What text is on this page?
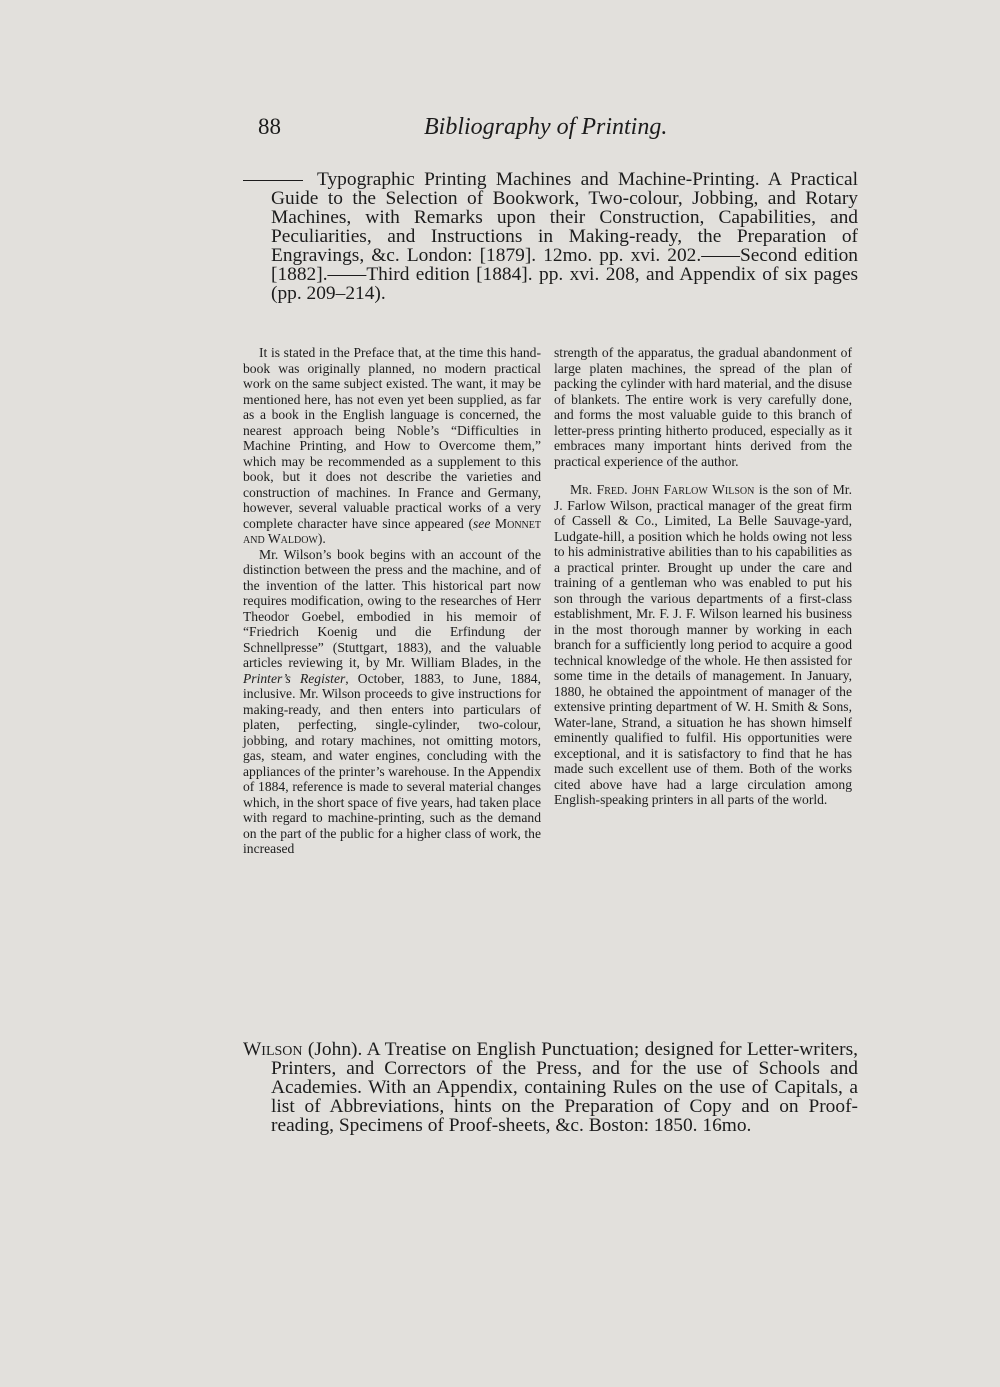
88	Bibliography of Printing.
Typographic Printing Machines and Machine-Printing. A Practical Guide to the Selection of Bookwork, Two-colour, Jobbing, and Rotary Machines, with Remarks upon their Construction, Capabilities, and Peculiarities, and Instructions in Making-ready, the Preparation of Engravings, &c. London: [1879]. 12mo. pp. xvi. 202.——Second edition [1882].——Third edition [1884]. pp. xvi. 208, and Appendix of six pages (pp. 209–214).

It is stated in the Preface that, at the time this hand-book was originally planned, no modern practical work on the same subject existed. The want, it may be mentioned here, has not even yet been supplied, as far as a book in the English language is concerned, the nearest approach being Noble’s “Difficulties in Machine Printing, and How to Overcome them,” which may be recommended as a supplement to this book, but it does not describe the varieties and construction of machines. In France and Germany, however, several valuable practical works of a very complete character have since appeared (see Monnet and Waldow).

Mr. Wilson’s book begins with an account of the distinction between the press and the machine, and of the invention of the latter. This historical part now requires modification, owing to the researches of Herr Theodor Goebel, embodied in his memoir of “Friedrich Koenig und die Erfindung der Schnellpresse” (Stuttgart, 1883), and the valuable articles reviewing it, by Mr. William Blades, in the Printer’s Register, October, 1883, to June, 1884, inclusive. Mr. Wilson proceeds to give instructions for making-ready, and then enters into particulars of platen, perfecting, single-cylinder, two-colour, jobbing, and rotary machines, not omitting motors, gas, steam, and water engines, concluding with the appliances of the printer’s warehouse. In the Appendix of 1884, reference is made to several material changes which, in the short space of five years, had taken place with regard to machine-printing, such as the demand on the part of the public for a higher class of work, the increased

strength of the apparatus, the gradual abandonment of large platen machines, the spread of the plan of packing the cylinder with hard material, and the disuse of blankets. The entire work is very carefully done, and forms the most valuable guide to this branch of letter-press printing hitherto produced, especially as it embraces many important hints derived from the practical experience of the author.

Mr. Fred. John Farlow Wilson is the son of Mr. J. Farlow Wilson, practical manager of the great firm of Cassell & Co., Limited, La Belle Sauvage-yard, Ludgate-hill, a position which he holds owing not less to his administrative abilities than to his capabilities as a practical printer. Brought up under the care and training of a gentleman who was enabled to put his son through the various departments of a first-class establishment, Mr. F. J. F. Wilson learned his business in the most thorough manner by working in each branch for a sufficiently long period to acquire a good technical knowledge of the whole. He then assisted for some time in the details of management. In January, 1880, he obtained the appointment of manager of the extensive printing department of W. H. Smith & Sons, Water-lane, Strand, a situation he has shown himself eminently qualified to fulfil. His opportunities were exceptional, and it is satisfactory to find that he has made such excellent use of them. Both of the works cited above have had a large circulation among English-speaking printers in all parts of the world.

Wilson (John). A Treatise on English Punctuation; designed for Letter-writers, Printers, and Correctors of the Press, and for the use of Schools and Academies. With an Appendix, containing Rules on the use of Capitals, a list of Abbreviations, hints on the Preparation of Copy and on Proof-reading, Specimens of Proof-sheets, &c. Boston: 1850. 16mo.
